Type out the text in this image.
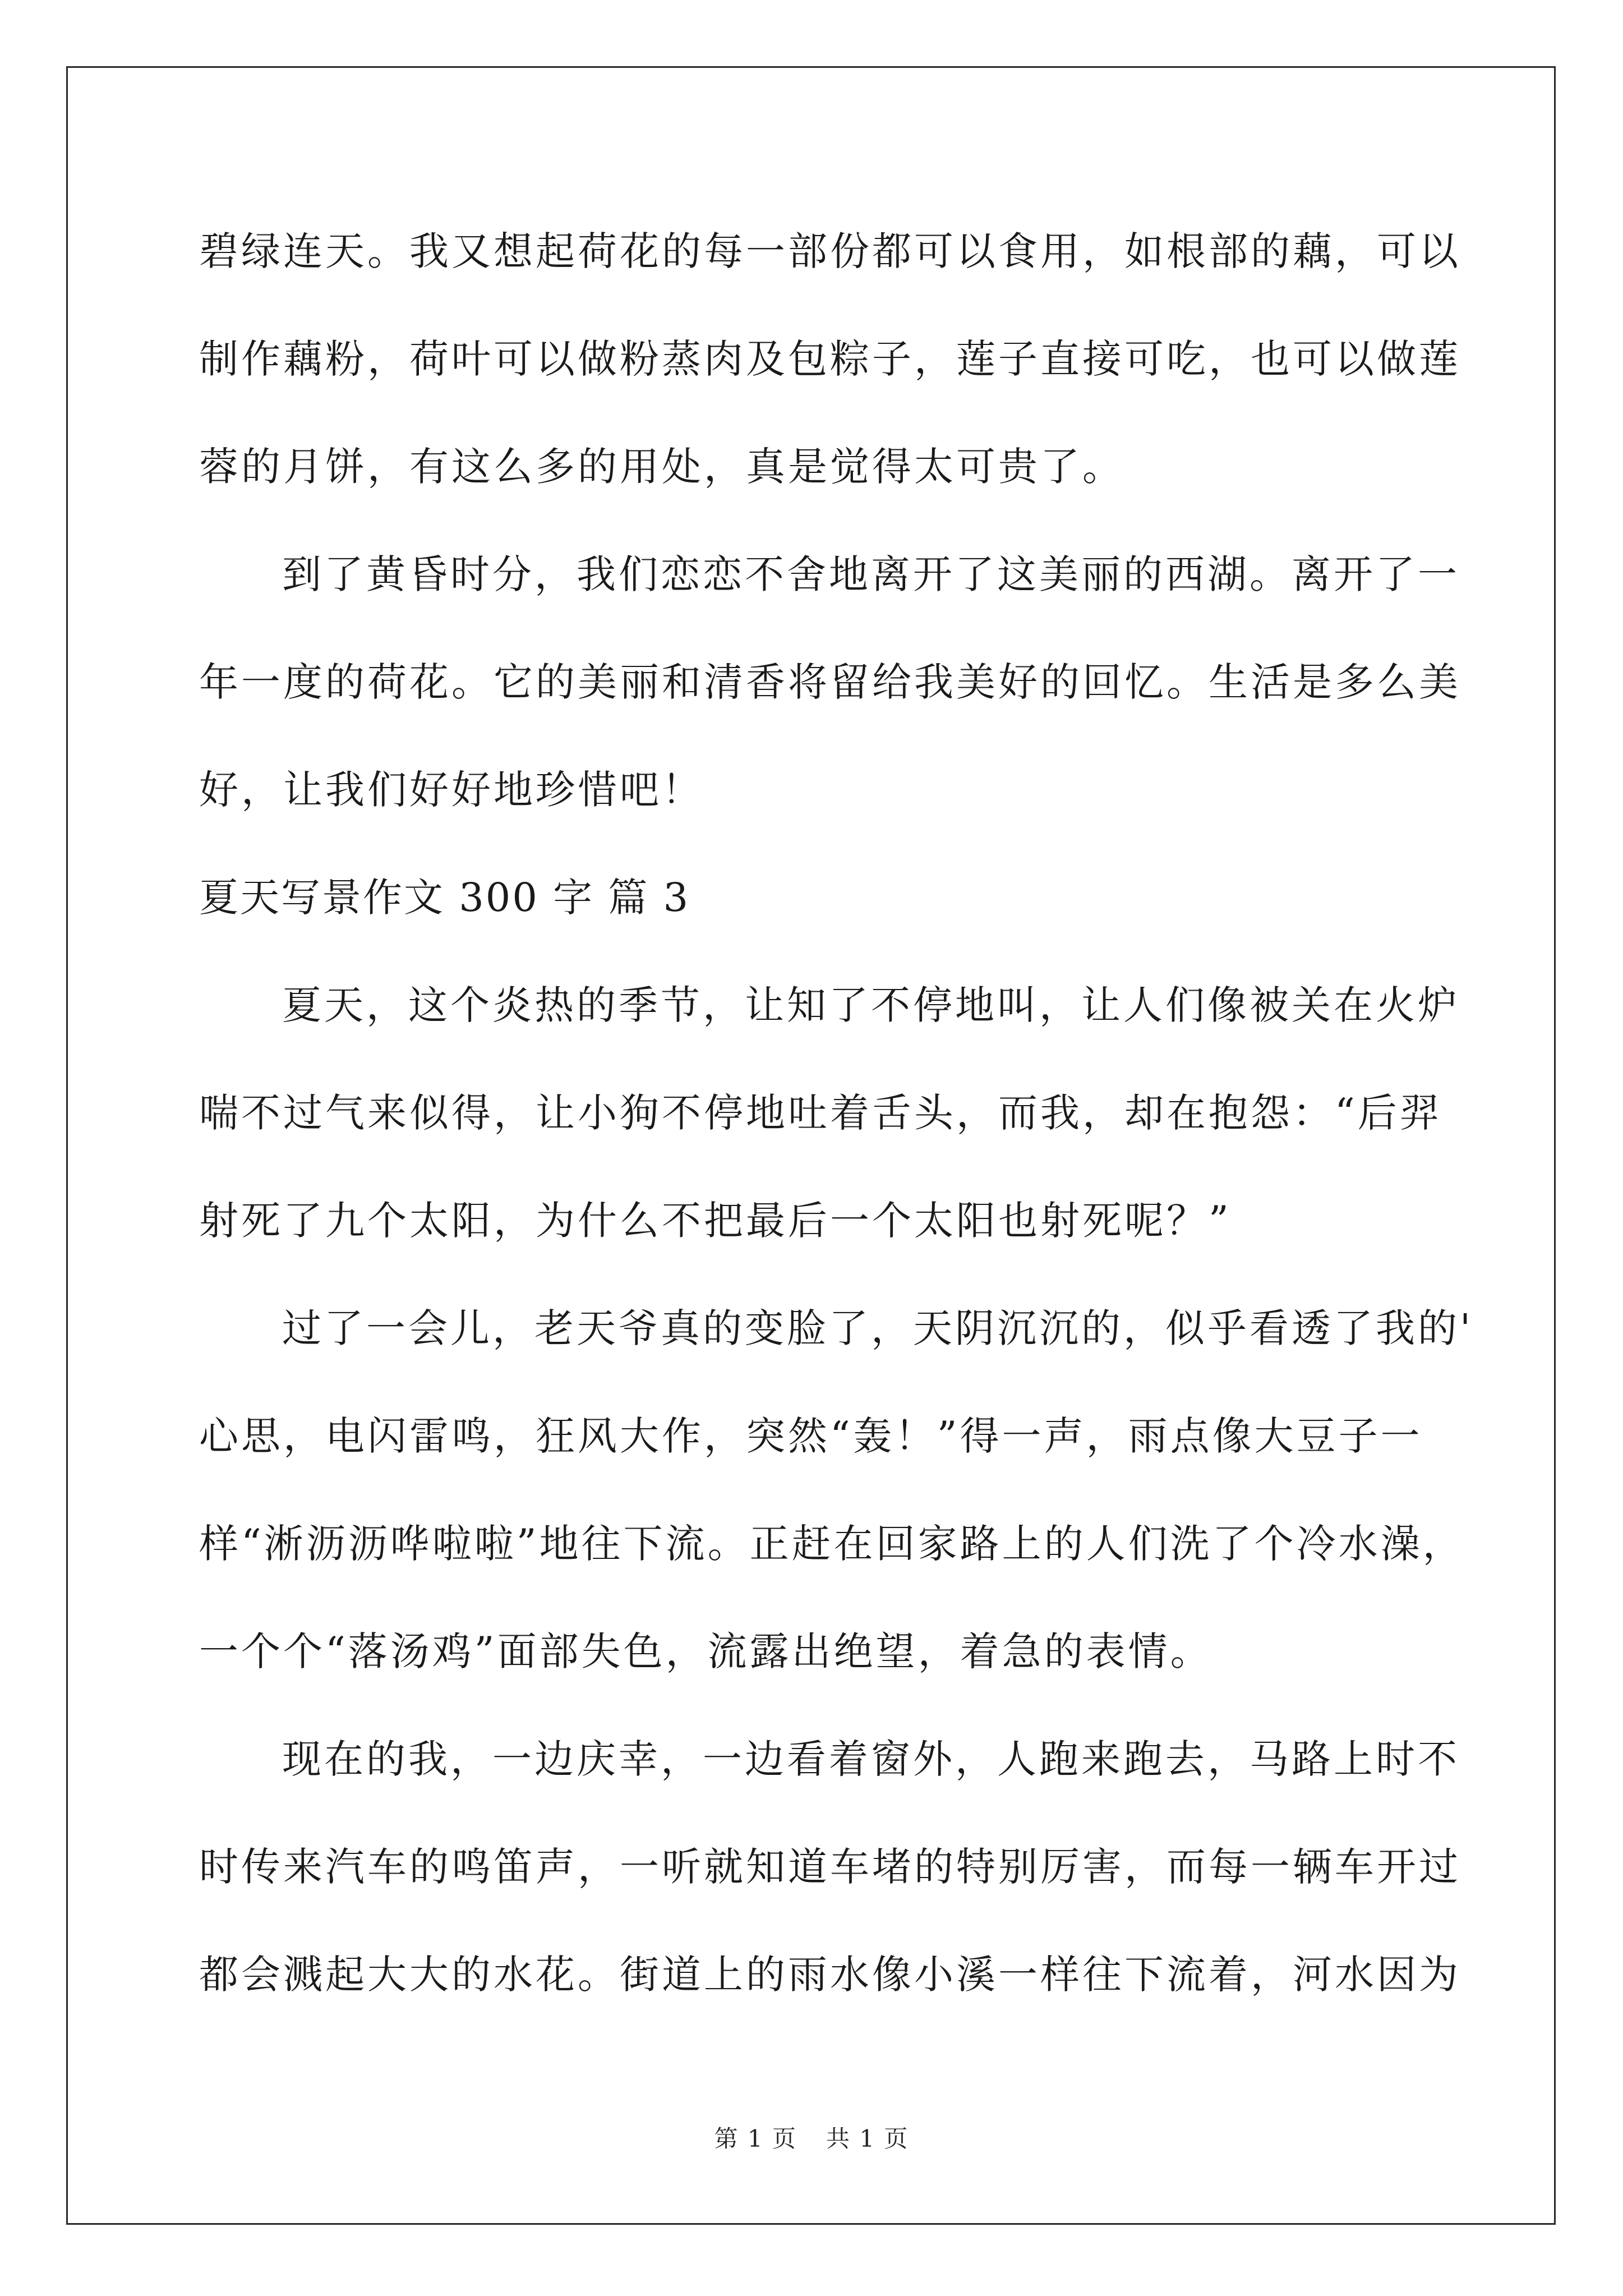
碧绿连天。我又想起荷花的每一部份都可以食用，如根部的藕，可以
制作藕粉，荷叶可以做粉蒸肉及包粽子，莲子直接可吃，也可以做莲
蓉的月饼，有这么多的用处，真是觉得太可贵了。
到了黄昏时分，我们恋恋不舍地离开了这美丽的西湖。离开了一
年一度的荷花。它的美丽和清香将留给我美好的回忆。生活是多么美
好，让我们好好地珍惜吧！
夏天写景作文 300 字 篇 3
夏天，这个炎热的季节，让知了不停地叫，让人们像被关在火炉
喘不过气来似得，让小狗不停地吐着舌头，而我，却在抱怨：“后羿
射死了九个太阳，为什么不把最后一个太阳也射死呢？”
过了一会儿，老天爷真的变脸了，天阴沉沉的，似乎看透了我的'
心思，电闪雷鸣，狂风大作，突然“轰！”得一声，雨点像大豆子一
样“淅沥沥哗啦啦”地往下流。正赶在回家路上的人们洗了个冷水澡，
一个个“落汤鸡”面部失色，流露出绝望，着急的表情。
现在的我，一边庆幸，一边看着窗外，人跑来跑去，马路上时不
时传来汽车的鸣笛声，一听就知道车堵的特别厉害，而每一辆车开过
都会溅起大大的水花。街道上的雨水像小溪一样往下流着，河水因为
第 1 页 共 1 页
